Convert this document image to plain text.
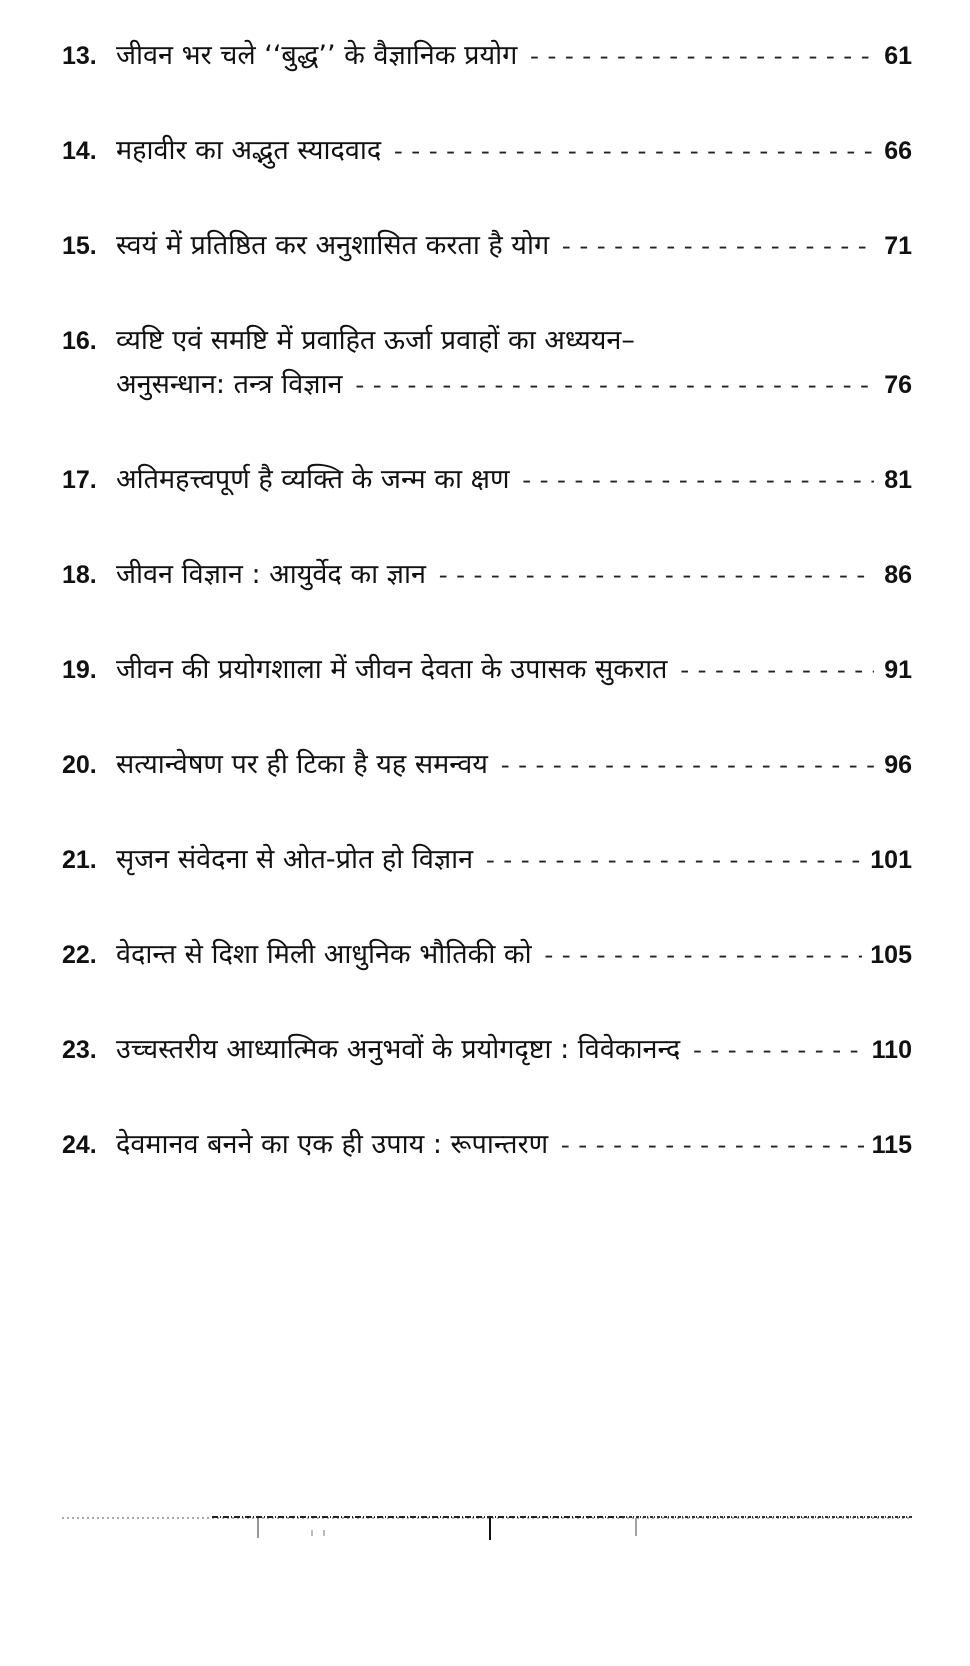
13. जीवन भर चले ‘‘बुद्ध’’ के वैज्ञानिक प्रयोग -----	61
14. महावीर का अद्भुत स्यादवाद -----	66
15. स्वयं में प्रतिष्ठित कर अनुशासित करता है योग -----	71
16. व्यष्टि एवं समष्टि में प्रवाहित ऊर्जा प्रवाहों का अध्ययन–
अनुसन्धान: तन्त्र विज्ञान -----	76
17. अतिमहत्त्वपूर्ण है व्यक्ति के जन्म का क्षण -----	81
18. जीवन विज्ञान : आयुर्वेद का ज्ञान -----	86
19. जीवन की प्रयोगशाला में जीवन देवता के उपासक सुकरात -----	91
20. सत्यान्वेषण पर ही टिका है यह समन्वय -----	96
21. सृजन संवेदना से ओत-प्रोत हो विज्ञान -----	101
22. वेदान्त से दिशा मिली आधुनिक भौतिकी को -----	105
23. उच्चस्तरीय आध्यात्मिक अनुभवों के प्रयोगदृष्टा : विवेकानन्द -----	110
24. देवमानव बनने का एक ही उपाय : रूपान्तरण -----	115
